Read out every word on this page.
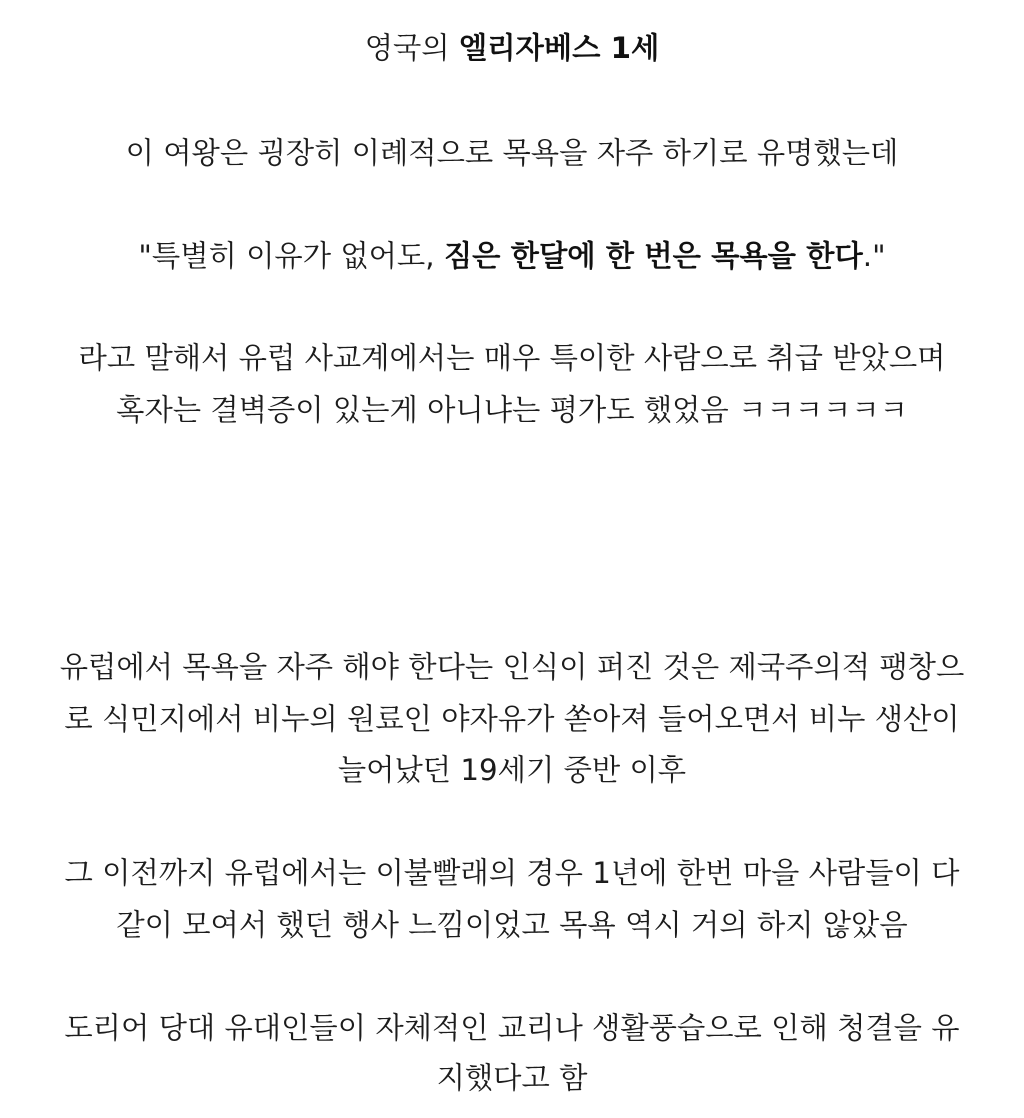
영국의 엘리자베스 1세
이 여왕은 굉장히 이례적으로 목욕을 자주 하기로 유명했는데
"특별히 이유가 없어도, 짐은 한달에 한 번은 목욕을 한다."
라고 말해서 유럽 사교계에서는 매우 특이한 사람으로 취급 받았으며
혹자는 결벽증이 있는게 아니냐는 평가도 했었음 ㅋㅋㅋㅋㅋㅋ
유럽에서 목욕을 자주 해야 한다는 인식이 퍼진 것은 제국주의적 팽창으
로 식민지에서 비누의 원료인 야자유가 쏟아져 들어오면서 비누 생산이
늘어났던 19세기 중반 이후
그 이전까지 유럽에서는 이불빨래의 경우 1년에 한번 마을 사람들이 다
같이 모여서 했던 행사 느낌이었고 목욕 역시 거의 하지 않았음
도리어 당대 유대인들이 자체적인 교리나 생활풍습으로 인해 청결을 유
지했다고 함
